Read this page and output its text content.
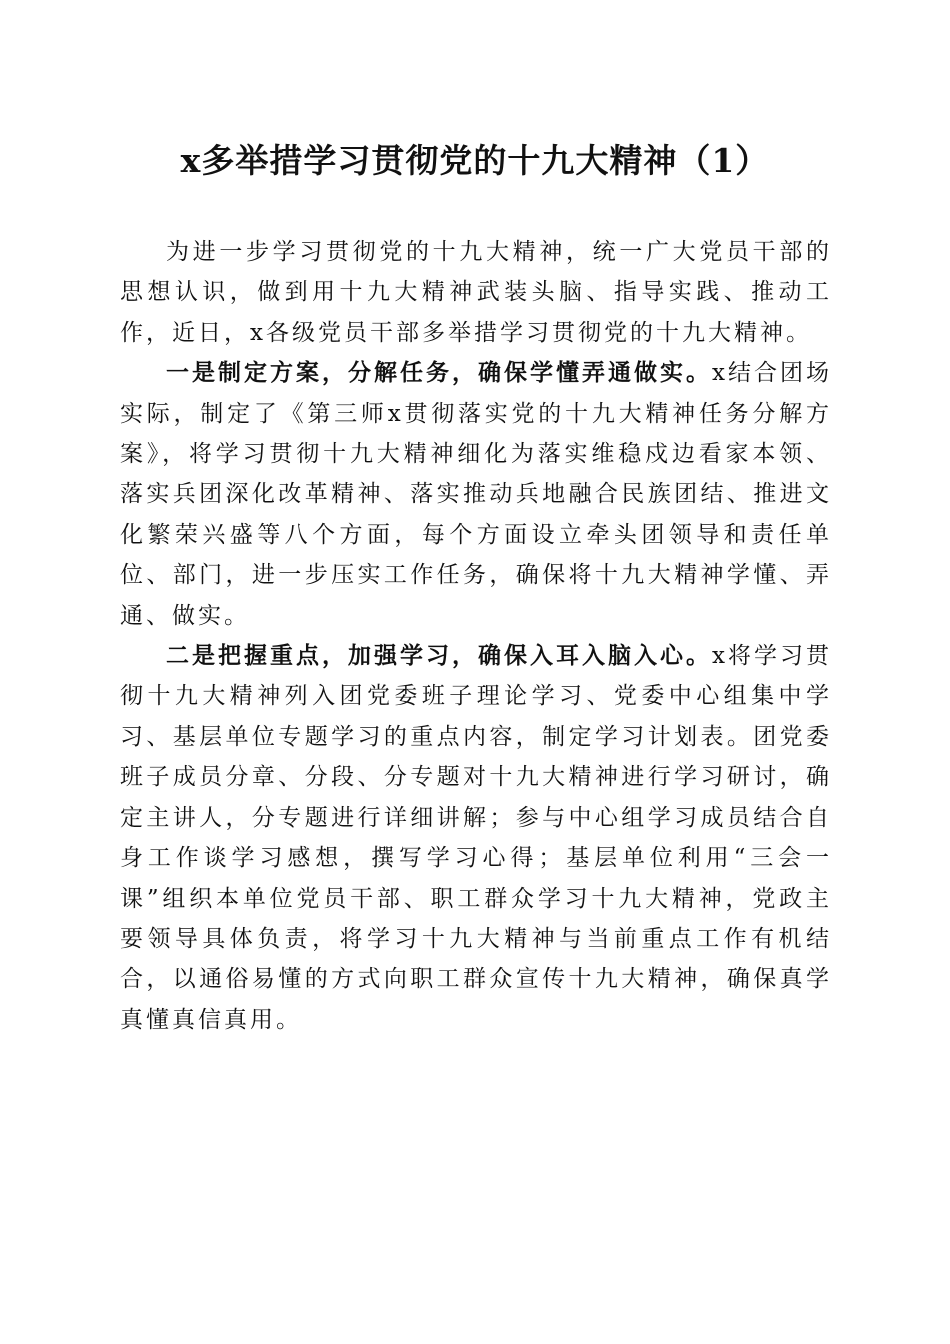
x多举措学习贯彻党的十九大精神（1）

为进一步学习贯彻党的十九大精神，统一广大党员干部的思想认识，做到用十九大精神武装头脑、指导实践、推动工作，近日，x各级党员干部多举措学习贯彻党的十九大精神。

一是制定方案，分解任务，确保学懂弄通做实。x结合团场实际，制定了《第三师x贯彻落实党的十九大精神任务分解方案》，将学习贯彻十九大精神细化为落实维稳戍边看家本领、落实兵团深化改革精神、落实推动兵地融合民族团结、推进文化繁荣兴盛等八个方面，每个方面设立牵头团领导和责任单位、部门，进一步压实工作任务，确保将十九大精神学懂、弄通、做实。

二是把握重点，加强学习，确保入耳入脑入心。x将学习贯彻十九大精神列入团党委班子理论学习、党委中心组集中学习、基层单位专题学习的重点内容，制定学习计划表。团党委班子成员分章、分段、分专题对十九大精神进行学习研讨，确定主讲人，分专题进行详细讲解；参与中心组学习成员结合自身工作谈学习感想，撰写学习心得；基层单位利用“三会一课”组织本单位党员干部、职工群众学习十九大精神，党政主要领导具体负责，将学习十九大精神与当前重点工作有机结合，以通俗易懂的方式向职工群众宣传十九大精神，确保真学真懂真信真用。
